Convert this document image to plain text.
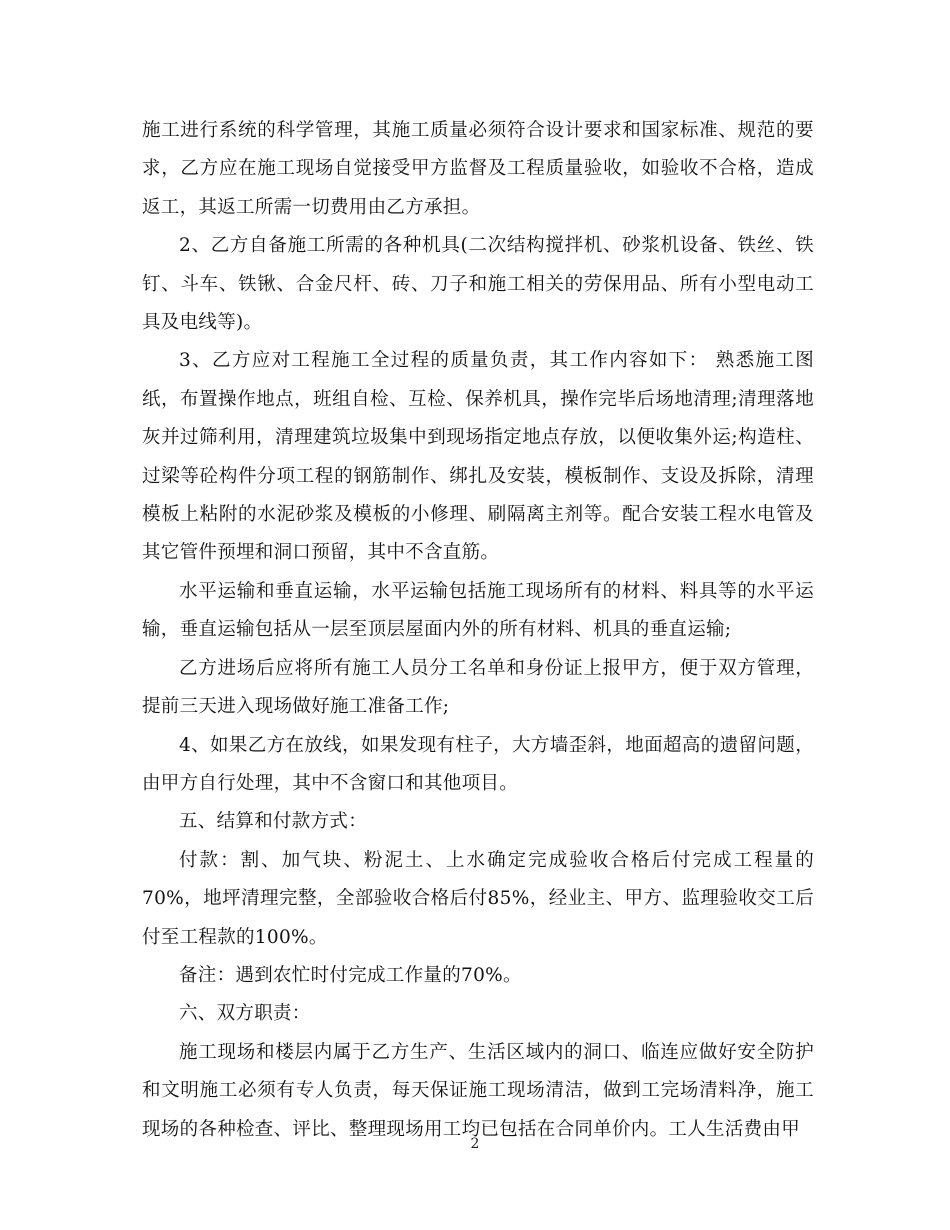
施工进行系统的科学管理，其施工质量必须符合设计要求和国家标准、规范的要求，乙方应在施工现场自觉接受甲方监督及工程质量验收，如验收不合格，造成返工，其返工所需一切费用由乙方承担。

2、乙方自备施工所需的各种机具(二次结构搅拌机、砂浆机设备、铁丝、铁钉、斗车、铁锹、合金尺杆、砖、刀子和施工相关的劳保用品、所有小型电动工具及电线等)。

3、乙方应对工程施工全过程的质量负责，其工作内容如下： 熟悉施工图纸，布置操作地点，班组自检、互检、保养机具，操作完毕后场地清理;清理落地灰并过筛利用，清理建筑垃圾集中到现场指定地点存放，以便收集外运;构造柱、过梁等砼构件分项工程的钢筋制作、绑扎及安装，模板制作、支设及拆除，清理模板上粘附的水泥砂浆及模板的小修理、刷隔离主剂等。配合安装工程水电管及其它管件预埋和洞口预留，其中不含直筋。

水平运输和垂直运输，水平运输包括施工现场所有的材料、料具等的水平运输，垂直运输包括从一层至顶层屋面内外的所有材料、机具的垂直运输;

乙方进场后应将所有施工人员分工名单和身份证上报甲方，便于双方管理，提前三天进入现场做好施工准备工作;

4、如果乙方在放线，如果发现有柱子，大方墙歪斜，地面超高的遗留问题，由甲方自行处理，其中不含窗口和其他项目。

五、结算和付款方式：

付款：割、加气块、粉泥土、上水确定完成验收合格后付完成工程量的70%，地坪清理完整，全部验收合格后付85%，经业主、甲方、监理验收交工后付至工程款的100%。

备注：遇到农忙时付完成工作量的70%。

六、双方职责：

施工现场和楼层内属于乙方生产、生活区域内的洞口、临连应做好安全防护和文明施工必须有专人负责，每天保证施工现场清洁，做到工完场清料净，施工现场的各种检查、评比、整理现场用工均已包括在合同单价内。工人生活费由甲

2
